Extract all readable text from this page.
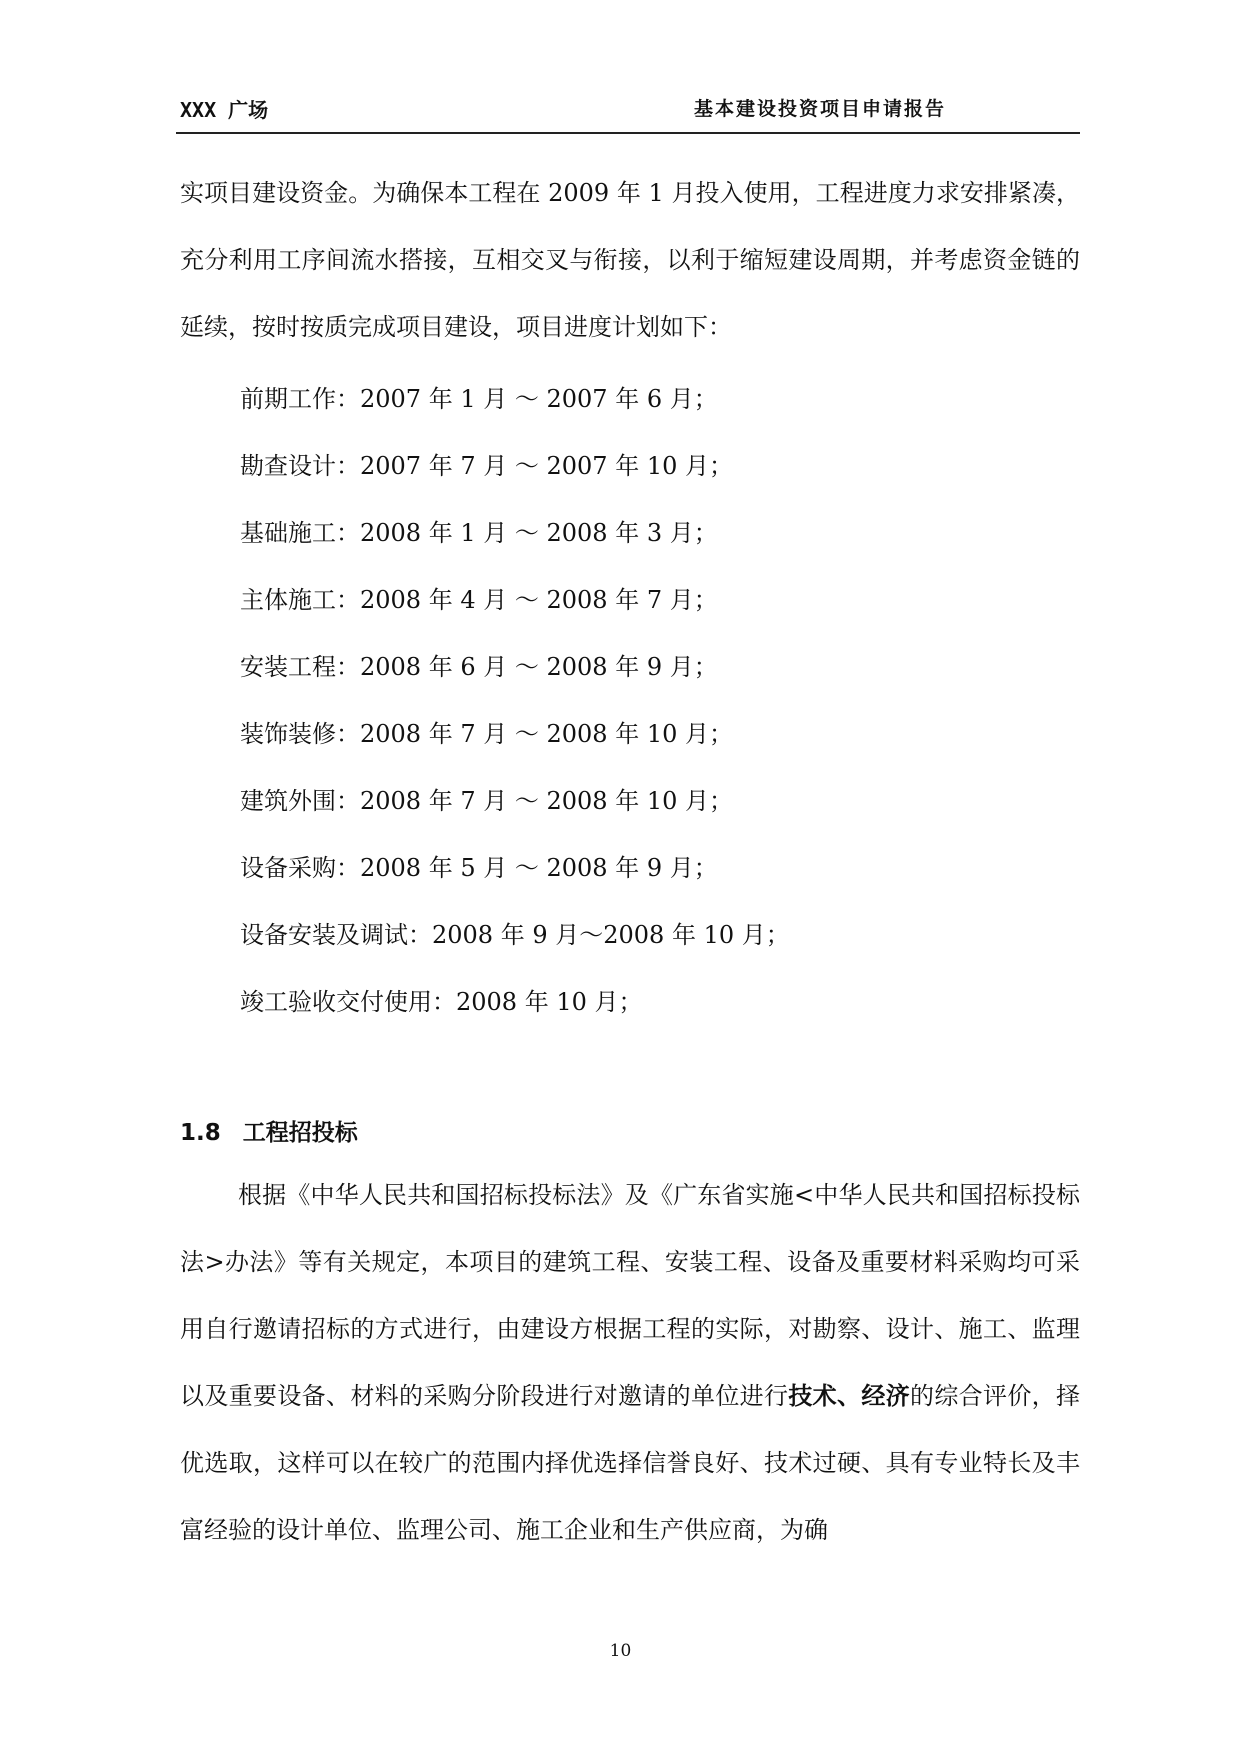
XXX 广场	基本建设投资项目申请报告

实项目建设资金。为确保本工程在 2009 年 1 月投入使用，工程进度力求安排紧凑，充分利用工序间流水搭接，互相交叉与衔接，以利于缩短建设周期，并考虑资金链的延续，按时按质完成项目建设，项目进度计划如下：

前期工作：2007 年 1 月 ～ 2007 年 6 月；
勘查设计：2007 年 7 月 ～ 2007 年 10 月；
基础施工：2008 年 1 月 ～ 2008 年 3 月；
主体施工：2008 年 4 月 ～ 2008 年 7 月；
安装工程：2008 年 6 月 ～ 2008 年 9 月；
装饰装修：2008 年 7 月 ～ 2008 年 10 月；
建筑外围：2008 年 7 月 ～ 2008 年 10 月；
设备采购：2008 年 5 月 ～ 2008 年 9 月；
设备安装及调试：2008 年 9 月～2008 年 10 月；
竣工验收交付使用：2008 年 10 月；
1.8 工程招投标

根据《中华人民共和国招标投标法》及《广东省实施<中华人民共和国招标投标法>办法》等有关规定，本项目的建筑工程、安装工程、设备及重要材料采购均可采用自行邀请招标的方式进行，由建设方根据工程的实际，对勘察、设计、施工、监理以及重要设备、材料的采购分阶段进行对邀请的单位进行技术、经济的综合评价，择优选取，这样可以在较广的范围内择优选择信誉良好、技术过硬、具有专业特长及丰富经验的设计单位、监理公司、施工企业和生产供应商，为确

10
